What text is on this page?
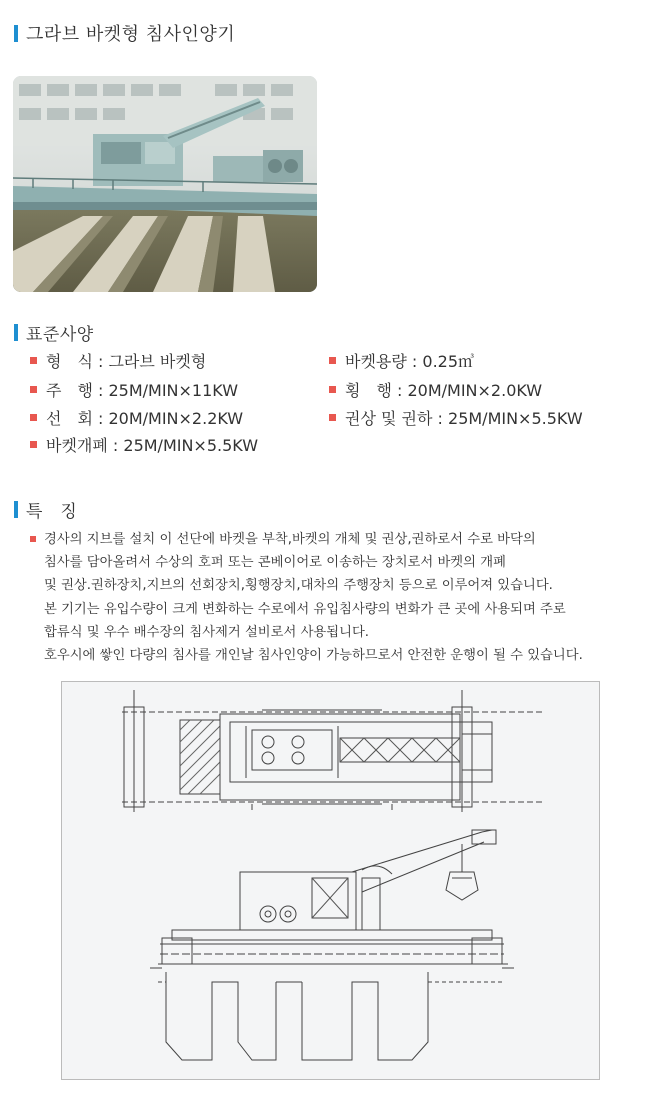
그라브 바켓형 침사인양기
표준사양
형　식 : 그라브 바켓형	바켓용량 : 0.25㎥
주　행 : 25M/MIN×11KW	횡　행 : 20M/MIN×2.0KW
선　회 : 20M/MIN×2.2KW	권상 및 권하 : 25M/MIN×5.5KW
바켓개폐 : 25M/MIN×5.5KW
특　징
경사의 지브를 설치 이 선단에 바켓을 부착,바켓의 개체 및 권상,권하로서 수로 바닥의
침사를 담아올려서 수상의 호퍼 또는 콘베이어로 이송하는 장치로서 바켓의 개폐
및 권상.권하장치,지브의 선회장치,횡행장치,대차의 주행장치 등으로 이루어져 있습니다.
본 기기는 유입수량이 크게 변화하는 수로에서 유입침사량의 변화가 큰 곳에 사용되며 주로
합류식 및 우수 배수장의 침사제거 설비로서 사용됩니다.
호우시에 쌓인 다량의 침사를 개인날 침사인양이 가능하므로서 안전한 운행이 될 수 있습니다.
